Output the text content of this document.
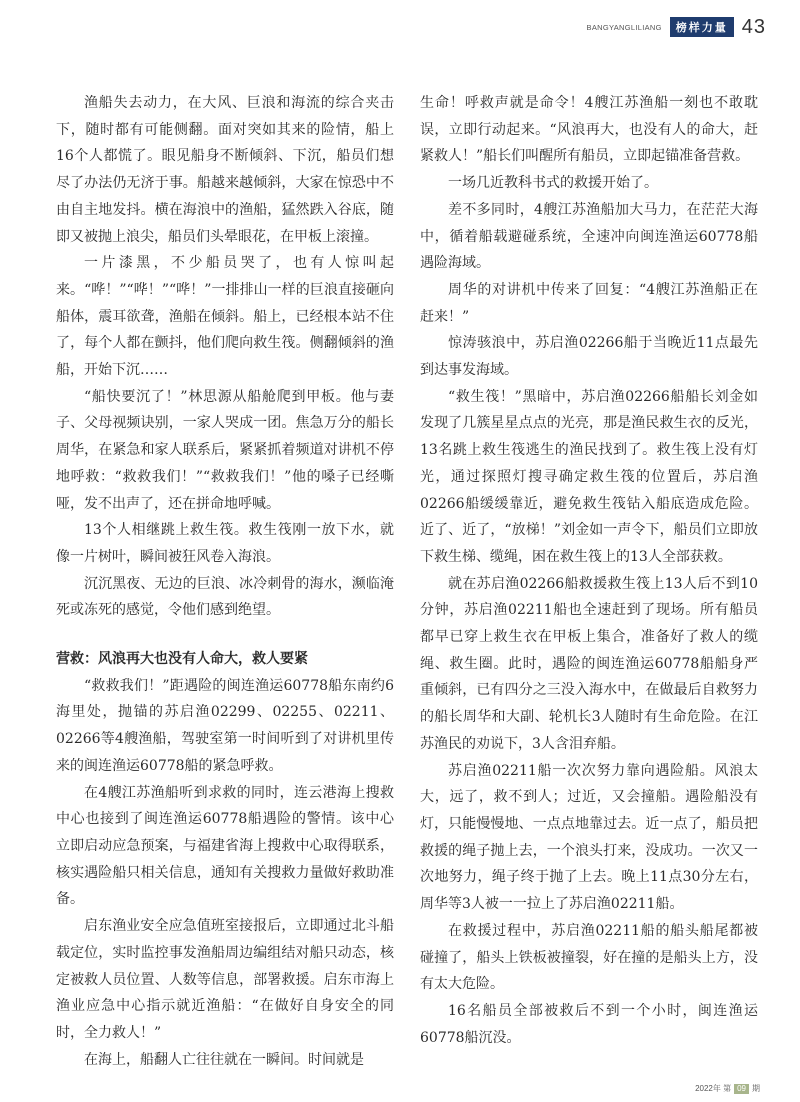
BANGYANGLILIANG	榜样力量 43

渔船失去动力，在大风、巨浪和海流的综合夹击下，随时都有可能侧翻。面对突如其来的险情，船上16个人都慌了。眼见船身不断倾斜、下沉，船员们想尽了办法仍无济于事。船越来越倾斜，大家在惊恐中不由自主地发抖。横在海浪中的渔船，猛然跌入谷底，随即又被抛上浪尖，船员们头晕眼花，在甲板上滚撞。

一片漆黑，不少船员哭了，也有人惊叫起来。“哗！”“哗！”“哗！”一排排山一样的巨浪直接砸向船体，震耳欲聋，渔船在倾斜。船上，已经根本站不住了，每个人都在颤抖，他们爬向救生筏。侧翻倾斜的渔船，开始下沉……

“船快要沉了！”林思源从船舱爬到甲板。他与妻子、父母视频诀别，一家人哭成一团。焦急万分的船长周华，在紧急和家人联系后，紧紧抓着频道对讲机不停地呼救：“救救我们！”“救救我们！”他的嗓子已经嘶哑，发不出声了，还在拼命地呼喊。

13个人相继跳上救生筏。救生筏刚一放下水，就像一片树叶，瞬间被狂风卷入海浪。

沉沉黑夜、无边的巨浪、冰冷刺骨的海水，濒临淹死或冻死的感觉，令他们感到绝望。

营救：风浪再大也没有人命大，救人要紧

“救救我们！”距遇险的闽连渔运60778船东南约6海里处，抛锚的苏启渔02299、02255、02211、02266等4艘渔船，驾驶室第一时间听到了对讲机里传来的闽连渔运60778船的紧急呼救。

在4艘江苏渔船听到求救的同时，连云港海上搜救中心也接到了闽连渔运60778船遇险的警情。该中心立即启动应急预案，与福建省海上搜救中心取得联系，核实遇险船只相关信息，通知有关搜救力量做好救助准备。

启东渔业安全应急值班室接报后，立即通过北斗船载定位，实时监控事发渔船周边编组结对船只动态，核定被救人员位置、人数等信息，部署救援。启东市海上渔业应急中心指示就近渔船：“在做好自身安全的同时，全力救人！”

在海上，船翻人亡往往就在一瞬间。时间就是

生命！呼救声就是命令！4艘江苏渔船一刻也不敢耽误，立即行动起来。“风浪再大，也没有人的命大，赶紧救人！”船长们叫醒所有船员，立即起锚准备营救。

一场几近教科书式的救援开始了。

差不多同时，4艘江苏渔船加大马力，在茫茫大海中，循着船载避碰系统，全速冲向闽连渔运60778船遇险海域。

周华的对讲机中传来了回复：“4艘江苏渔船正在赶来！”

惊涛骇浪中，苏启渔02266船于当晚近11点最先到达事发海域。

“救生筏！”黑暗中，苏启渔02266船船长刘金如发现了几簇星星点点的光亮，那是渔民救生衣的反光，13名跳上救生筏逃生的渔民找到了。救生筏上没有灯光，通过探照灯搜寻确定救生筏的位置后，苏启渔02266船缓缓靠近，避免救生筏钻入船底造成危险。近了、近了，“放梯！”刘金如一声令下，船员们立即放下救生梯、缆绳，困在救生筏上的13人全部获救。

就在苏启渔02266船救援救生筏上13人后不到10分钟，苏启渔02211船也全速赶到了现场。所有船员都早已穿上救生衣在甲板上集合，准备好了救人的缆绳、救生圈。此时，遇险的闽连渔运60778船船身严重倾斜，已有四分之三没入海水中，在做最后自救努力的船长周华和大副、轮机长3人随时有生命危险。在江苏渔民的劝说下，3人含泪弃船。

苏启渔02211船一次次努力靠向遇险船。风浪太大，远了，救不到人；过近，又会撞船。遇险船没有灯，只能慢慢地、一点点地靠过去。近一点了，船员把救援的绳子抛上去，一个浪头打来，没成功。一次又一次地努力，绳子终于抛了上去。晚上11点30分左右，周华等3人被一一拉上了苏启渔02211船。

在救援过程中，苏启渔02211船的船头船尾都被碰撞了，船头上铁板被撞裂，好在撞的是船头上方，没有太大危险。

16名船员全部被救后不到一个小时，闽连渔运60778船沉没。

2022年 第 09 期
